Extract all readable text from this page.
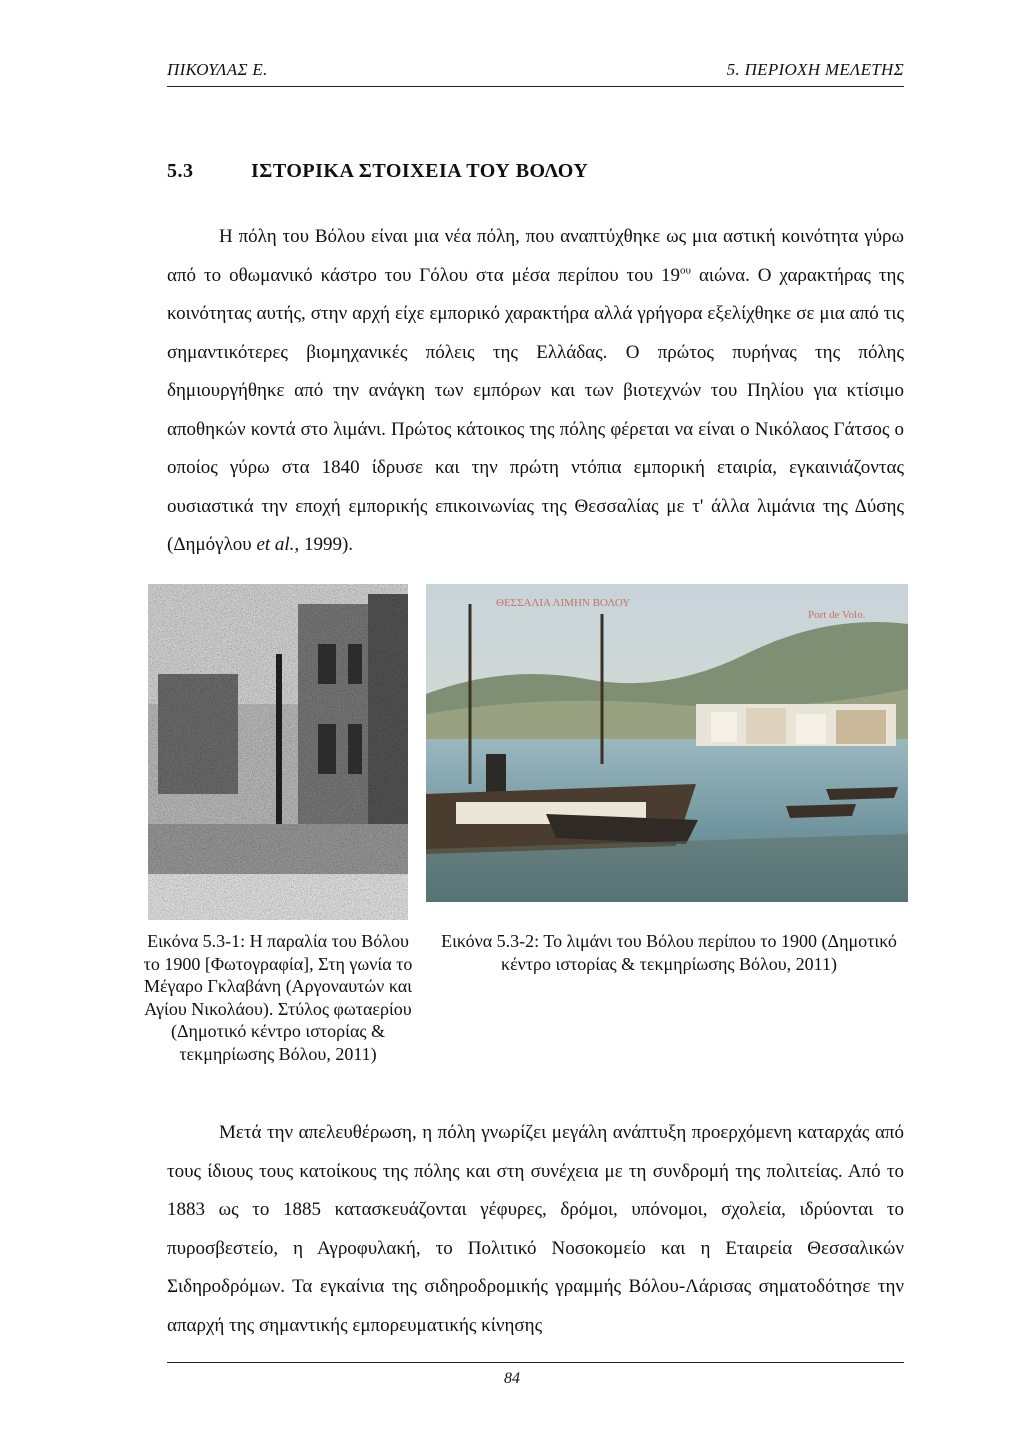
ΠΙΚΟΥΛΑΣ Ε.	5. ΠΕΡΙΟΧΗ ΜΕΛΕΤΗΣ
5.3	ΙΣΤΟΡΙΚΑ ΣΤΟΙΧΕΙΑ ΤΟΥ ΒΟΛΟΥ

Η πόλη του Βόλου είναι μια νέα πόλη, που αναπτύχθηκε ως μια αστική κοινότητα γύρω από το οθωμανικό κάστρο του Γόλου στα μέσα περίπου του $19^{o\upsilon}$ αιώνα. Ο χαρακτήρας της κοινότητας αυτής, στην αρχή είχε εμπορικό χαρακτήρα αλλά γρήγορα εξελίχθηκε σε μια από τις σημαντικότερες βιομηχανικές πόλεις της Ελλάδας. Ο πρώτος πυρήνας της πόλης δημιουργήθηκε από την ανάγκη των εμπόρων και των βιοτεχνών του Πηλίου για κτίσιμο αποθηκών κοντά στο λιμάνι. Πρώτος κάτοικος της πόλης φέρεται να είναι ο Νικόλαος Γάτσος ο οποίος γύρω στα 1840 ίδρυσε και την πρώτη ντόπια εμπορική εταιρία, εγκαινιάζοντας ουσιαστικά την εποχή εμπορικής επικοινωνίας της Θεσσαλίας με τ' άλλα λιμάνια της Δύσης (Δημόγλου et al., 1999).

ΘΕΣΣΑΛΙΑ ΛΙΜΗΝ ΒΟΛΟΥ
Port de Volo.
Εικόνα 5.3-1: Η παραλία του Βόλου το 1900 [Φωτογραφία], Στη γωνία το Μέγαρο Γκλαβάνη (Αργοναυτών και Αγίου Νικολάου). Στύλος φωταερίου (Δημοτικό κέντρο ιστορίας & τεκμηρίωσης Βόλου, 2011)
Εικόνα 5.3-2: Το λιμάνι του Βόλου περίπου το 1900 (Δημοτικό κέντρο ιστορίας & τεκμηρίωσης Βόλου, 2011)

Μετά την απελευθέρωση, η πόλη γνωρίζει μεγάλη ανάπτυξη προερχόμενη καταρχάς από τους ίδιους τους κατοίκους της πόλης και στη συνέχεια με τη συνδρομή της πολιτείας. Από το 1883 ως το 1885 κατασκευάζονται γέφυρες, δρόμοι, υπόνομοι, σχολεία, ιδρύονται το πυροσβεστείο, η Αγροφυλακή, το Πολιτικό Νοσοκομείο και η Εταιρεία Θεσσαλικών Σιδηροδρόμων. Τα εγκαίνια της σιδηροδρομικής γραμμής Βόλου-Λάρισας σηματοδότησε την απαρχή της σημαντικής εμπορευματικής κίνησης

84
